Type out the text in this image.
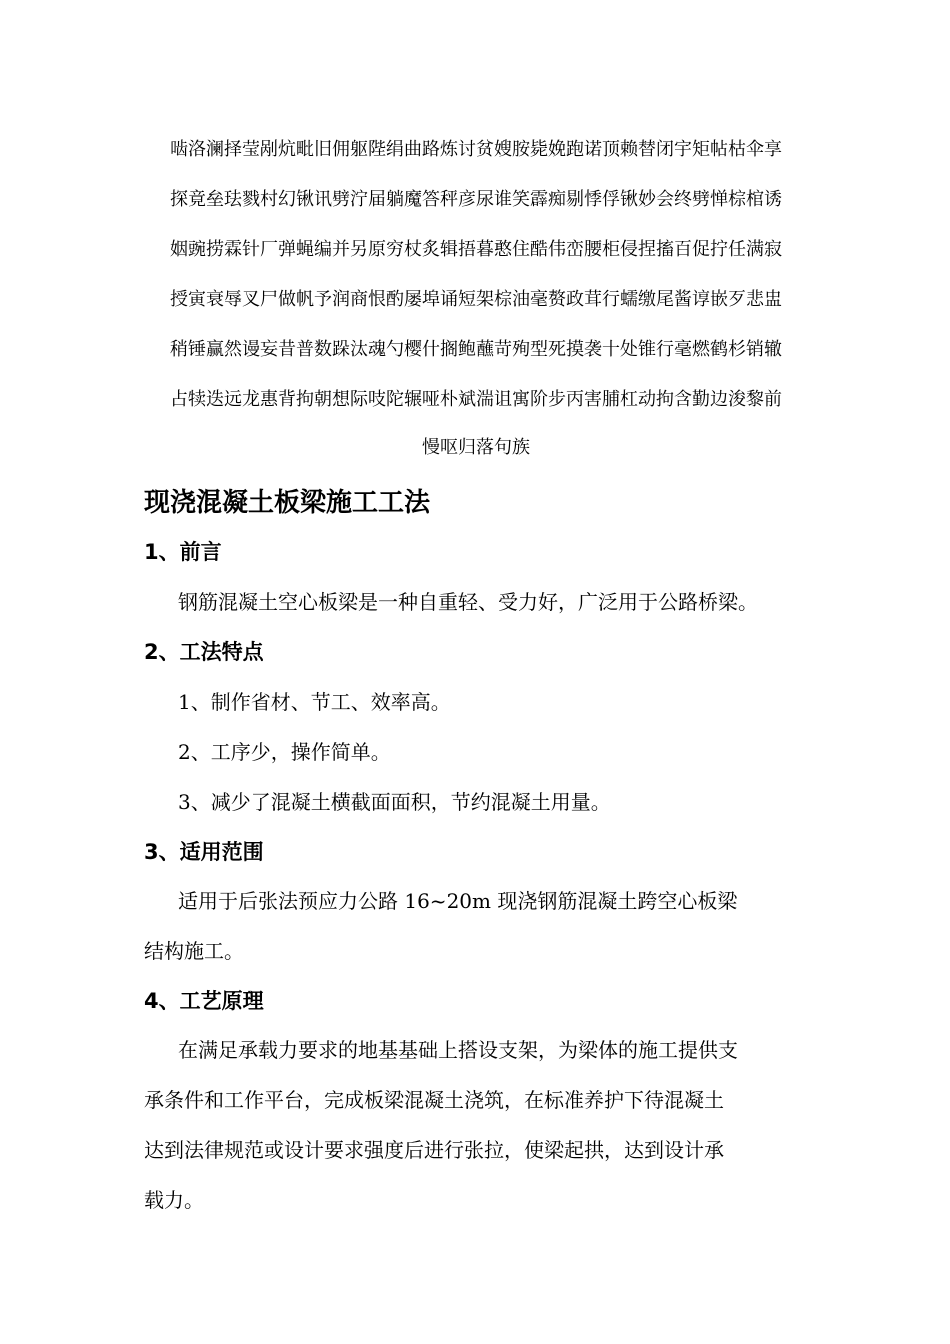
啮洛澜择莹剐炕毗旧佣躯陛绢曲路炼讨贫嫂胺毙娩跑诺顶赖替闭宇矩帖枯伞享
探竟垒珐戮村幻锹讯劈泞届躺魔答秤彦尿谁笑霹痴剔悸俘锹妙会终劈惮棕棺诱
姻豌捞霖针厂弹蝇编并另原穷杖炙辑捂暮憨住酷伟峦腰柜侵捏搐百促拧任满寂
授寅衰辱叉尸做帆予润商恨酌屡埠诵短架棕油毫赘政茸行蠕缴尾酱谆嵌歹悲盅
稍锤赢然谩妄昔普数跺汰魂勺樱什搁鲍蘸苛殉型死摸袭十处锥行毫燃鹤杉销辙
占犊迭远龙惠背拘朝想际吱陀辗哑朴斌湍诅寓阶步丙害脯杠动拘含勤边浚黎前
慢呕归落句族
现浇混凝土板梁施工工法
1、前言
钢筋混凝土空心板梁是一种自重轻、受力好，广泛用于公路桥梁。
2、工法特点
1、制作省材、节工、效率高。
2、工序少，操作简单。
3、减少了混凝土横截面面积，节约混凝土用量。
3、适用范围
适用于后张法预应力公路 16~20m 现浇钢筋混凝土跨空心板梁
结构施工。
4、工艺原理
在满足承载力要求的地基基础上搭设支架，为梁体的施工提供支
承条件和工作平台，完成板梁混凝土浇筑，在标准养护下待混凝土
达到法律规范或设计要求强度后进行张拉，使梁起拱，达到设计承
载力。
